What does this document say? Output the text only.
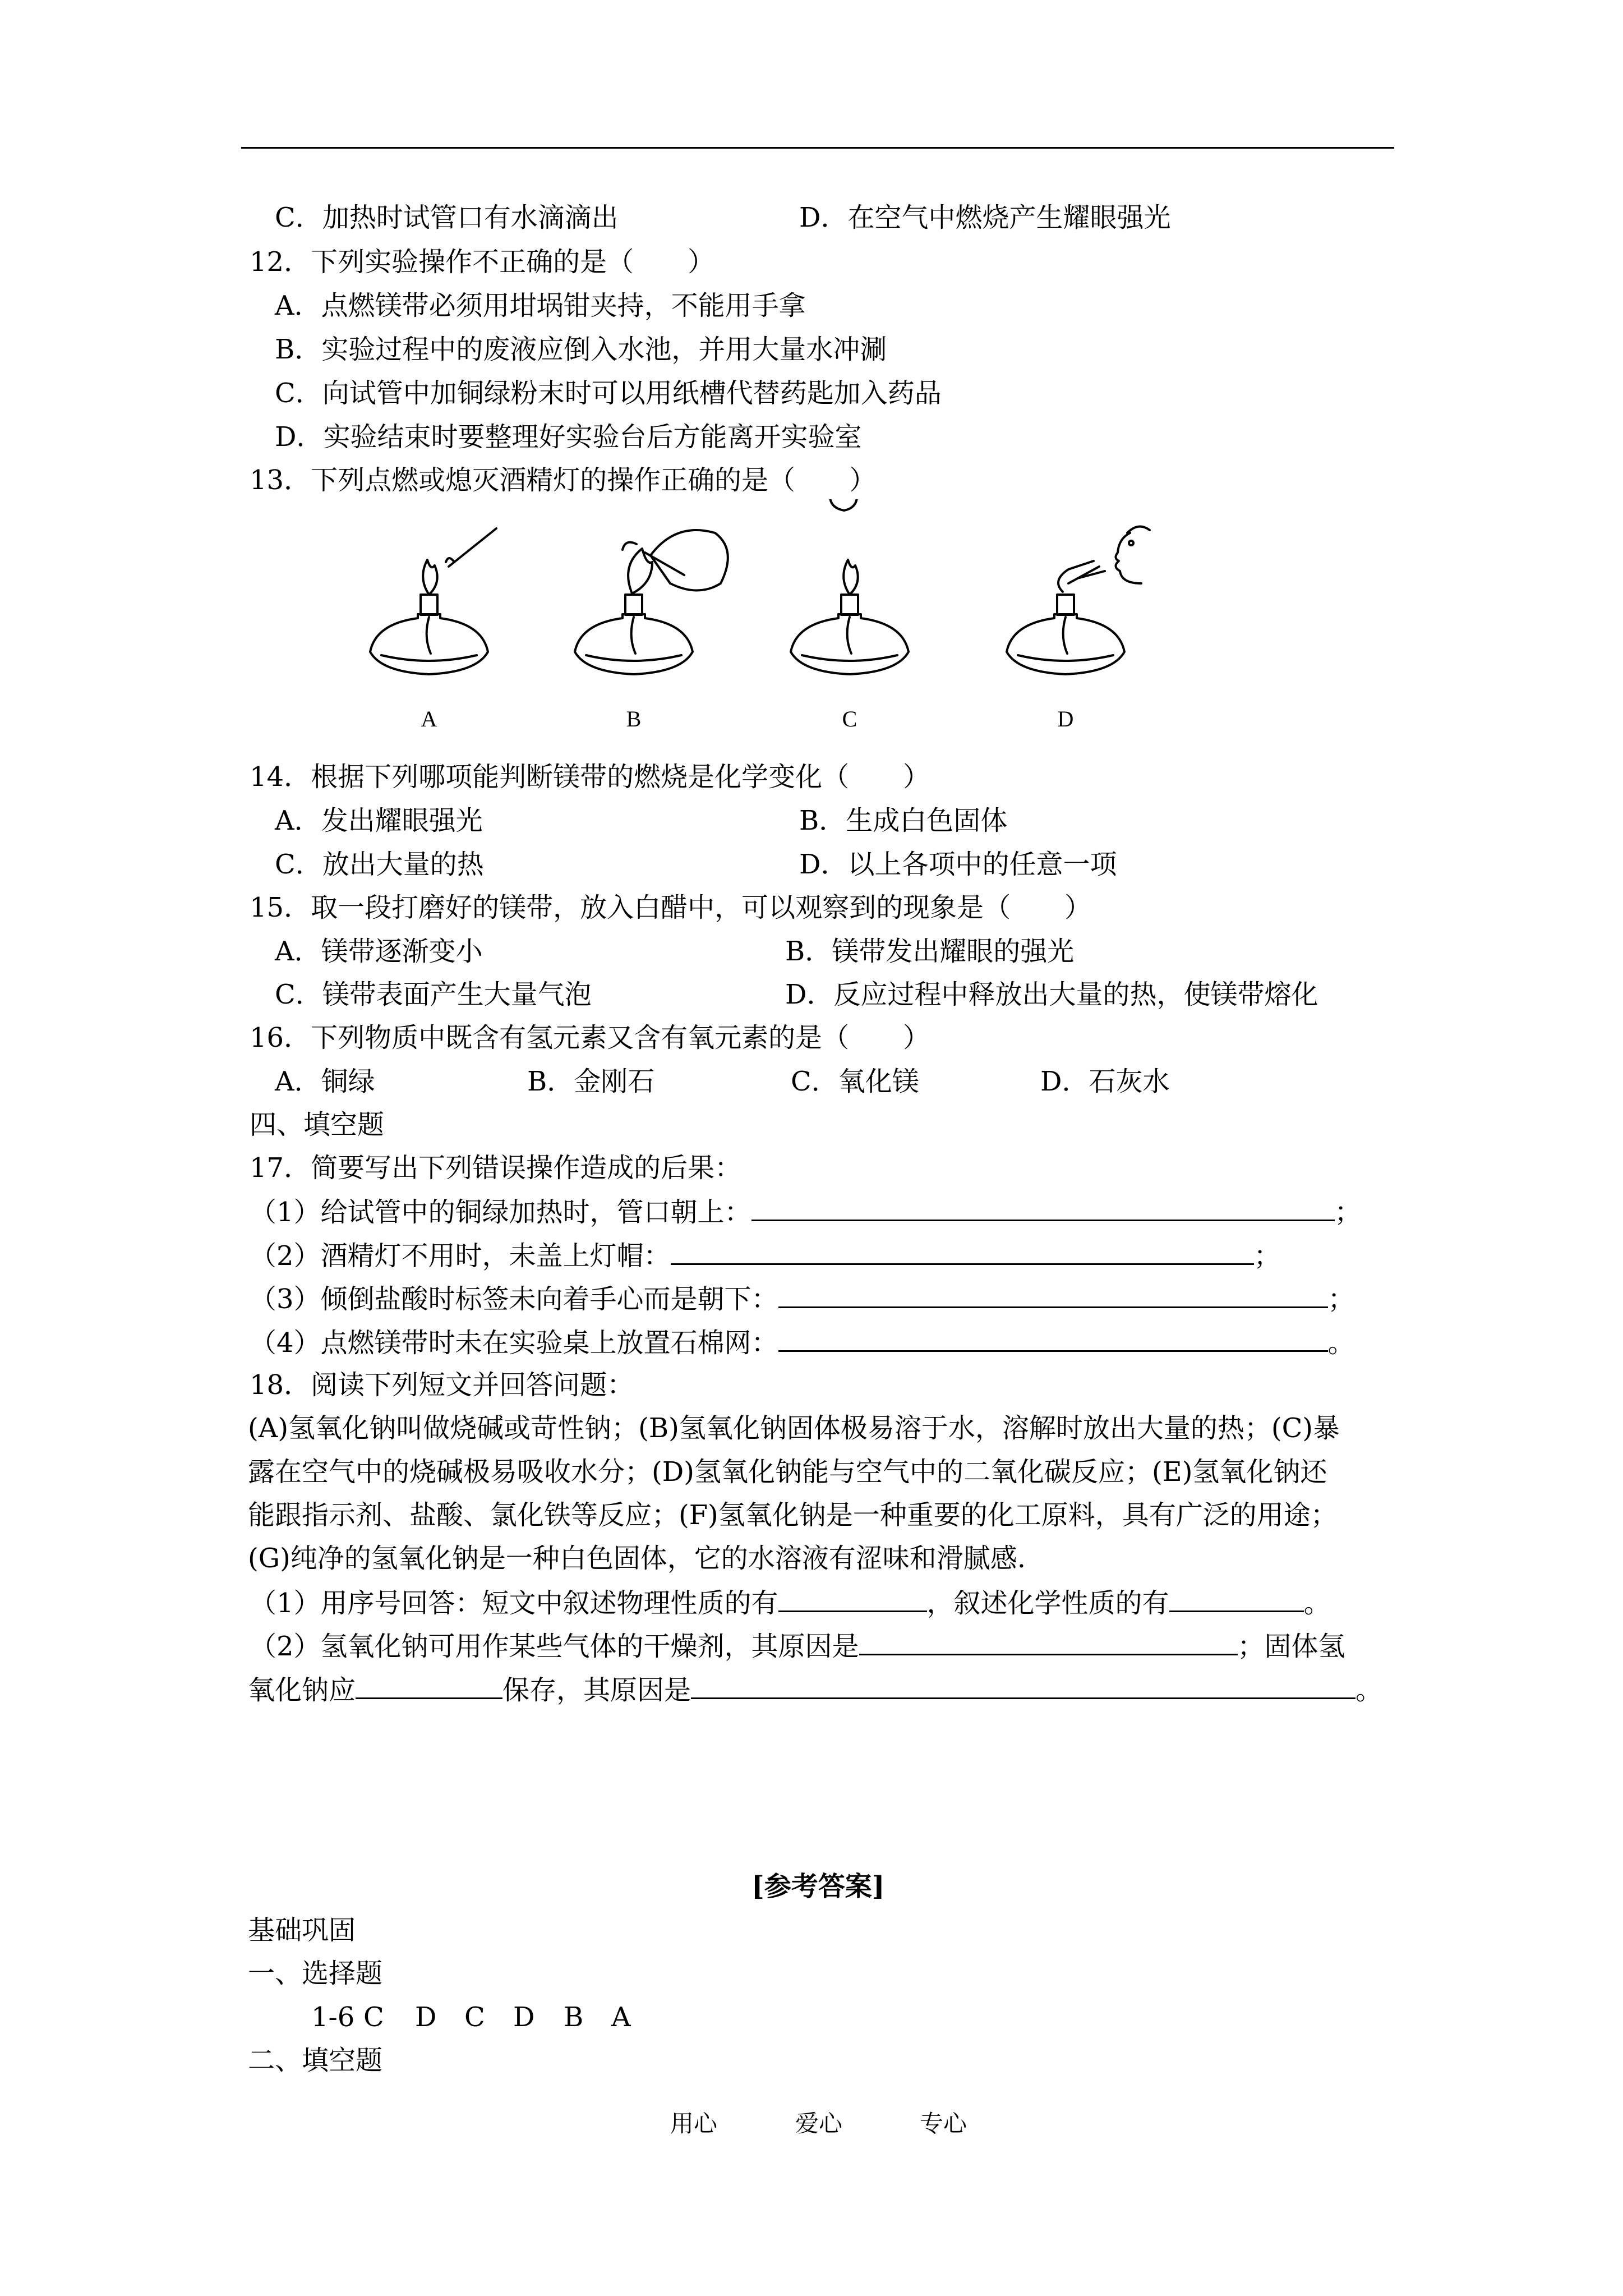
C．加热时试管口有水滴滴出	D．在空气中燃烧产生耀眼强光
12．下列实验操作不正确的是（　　）
A．点燃镁带必须用坩埚钳夹持，不能用手拿
B．实验过程中的废液应倒入水池，并用大量水冲涮
C．向试管中加铜绿粉末时可以用纸槽代替药匙加入药品
D．实验结束时要整理好实验台后方能离开实验室
13．下列点燃或熄灭酒精灯的操作正确的是（　　）
A	B	C	D
14．根据下列哪项能判断镁带的燃烧是化学变化（　　）
A．发出耀眼强光	B．生成白色固体
C．放出大量的热	D．以上各项中的任意一项
15．取一段打磨好的镁带，放入白醋中，可以观察到的现象是（　　）
A．镁带逐渐变小	B．镁带发出耀眼的强光
C．镁带表面产生大量气泡	D．反应过程中释放出大量的热，使镁带熔化
16．下列物质中既含有氢元素又含有氧元素的是（　　）
A．铜绿	B．金刚石	C．氧化镁	D．石灰水
四、填空题
17．简要写出下列错误操作造成的后果：
（1）给试管中的铜绿加热时，管口朝上：	；
（2）酒精灯不用时，未盖上灯帽：	；
（3）倾倒盐酸时标签未向着手心而是朝下：	；
（4）点燃镁带时未在实验桌上放置石棉网：	。
18．阅读下列短文并回答问题：
(A)氢氧化钠叫做烧碱或苛性钠；(B)氢氧化钠固体极易溶于水，溶解时放出大量的热；(C)暴
露在空气中的烧碱极易吸收水分；(D)氢氧化钠能与空气中的二氧化碳反应；(E)氢氧化钠还
能跟指示剂、盐酸、氯化铁等反应；(F)氢氧化钠是一种重要的化工原料，具有广泛的用途；
(G)纯净的氢氧化钠是一种白色固体，它的水溶液有涩味和滑腻感.
（1）用序号回答：短文中叙述物理性质的有	，叙述化学性质的有	。
（2）氢氧化钠可用作某些气体的干燥剂，其原因是	；固体氢
氧化钠应	保存，其原因是	。
[参考答案]
基础巩固
一、选择题
1-6 C D C D B A
二、填空题
用心	爱心	专心
